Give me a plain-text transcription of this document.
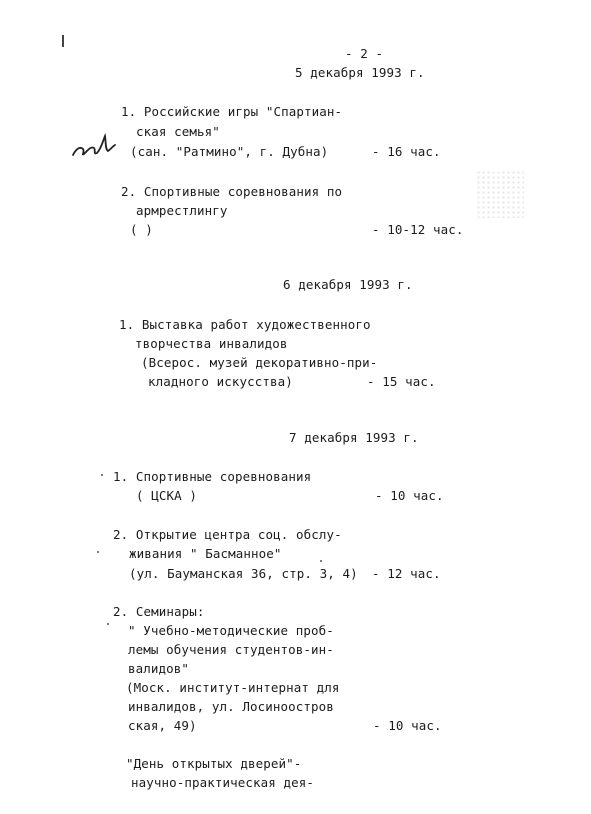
- 2 -
5 декабря 1993 г.
1. Российские игры "Спартиан-
ская семья"
(сан. "Ратмино", г. Дубна)	- 16 час.
2. Спортивные соревнования по
армрестлингу
( )	- 10-12 час.
6 декабря 1993 г.
1. Выставка работ художественного
творчества инвалидов
(Всерос. музей декоративно-при-
кладного искусства)	- 15 час.
7 декабря 1993 г.
1. Спортивные соревнования
( ЦСКА )	- 10 час.
2. Открытие центра соц. обслу-
живания " Басманное"
(ул. Бауманская 36, стр. 3, 4) - 12 час.
2. Семинары:
" Учебно-методические проб-
лемы обучения студентов-ин-
валидов"
(Моск. институт-интернат для
инвалидов, ул. Лосиноостров
ская, 49)	- 10 час.
"День открытых дверей"-
научно-практическая дея-
